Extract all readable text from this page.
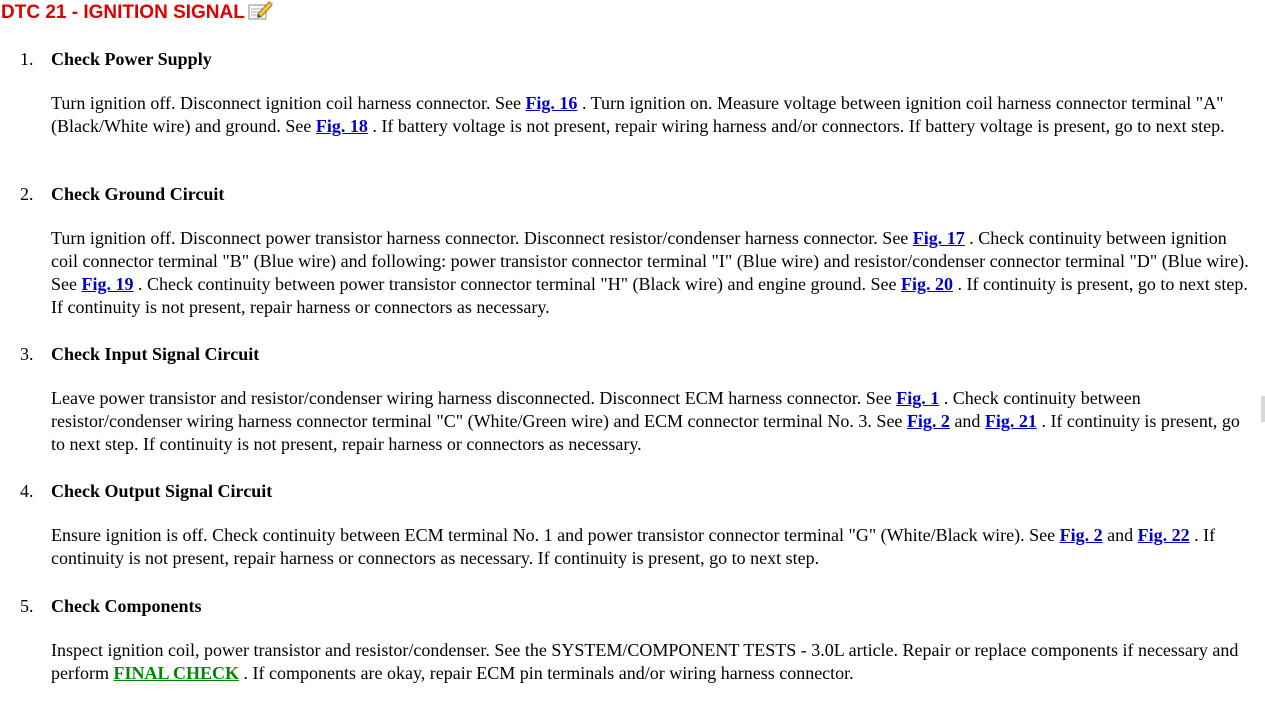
DTC 21 - IGNITION SIGNAL
1. Check Power Supply
Turn ignition off. Disconnect ignition coil harness connector. See Fig. 16 . Turn ignition on. Measure voltage between ignition coil harness connector terminal "A" (Black/White wire) and ground. See Fig. 18 . If battery voltage is not present, repair wiring harness and/or connectors. If battery voltage is present, go to next step.
2. Check Ground Circuit
Turn ignition off. Disconnect power transistor harness connector. Disconnect resistor/condenser harness connector. See Fig. 17 . Check continuity between ignition coil connector terminal "B" (Blue wire) and following: power transistor connector terminal "I" (Blue wire) and resistor/condenser connector terminal "D" (Blue wire). See Fig. 19 . Check continuity between power transistor connector terminal "H" (Black wire) and engine ground. See Fig. 20 . If continuity is present, go to next step. If continuity is not present, repair harness or connectors as necessary.
3. Check Input Signal Circuit
Leave power transistor and resistor/condenser wiring harness disconnected. Disconnect ECM harness connector. See Fig. 1 . Check continuity between resistor/condenser wiring harness connector terminal "C" (White/Green wire) and ECM connector terminal No. 3. See Fig. 2 and Fig. 21 . If continuity is present, go to next step. If continuity is not present, repair harness or connectors as necessary.
4. Check Output Signal Circuit
Ensure ignition is off. Check continuity between ECM terminal No. 1 and power transistor connector terminal "G" (White/Black wire). See Fig. 2 and Fig. 22 . If continuity is not present, repair harness or connectors as necessary. If continuity is present, go to next step.
5. Check Components
Inspect ignition coil, power transistor and resistor/condenser. See the SYSTEM/COMPONENT TESTS - 3.0L article. Repair or replace components if necessary and perform FINAL CHECK . If components are okay, repair ECM pin terminals and/or wiring harness connector.
